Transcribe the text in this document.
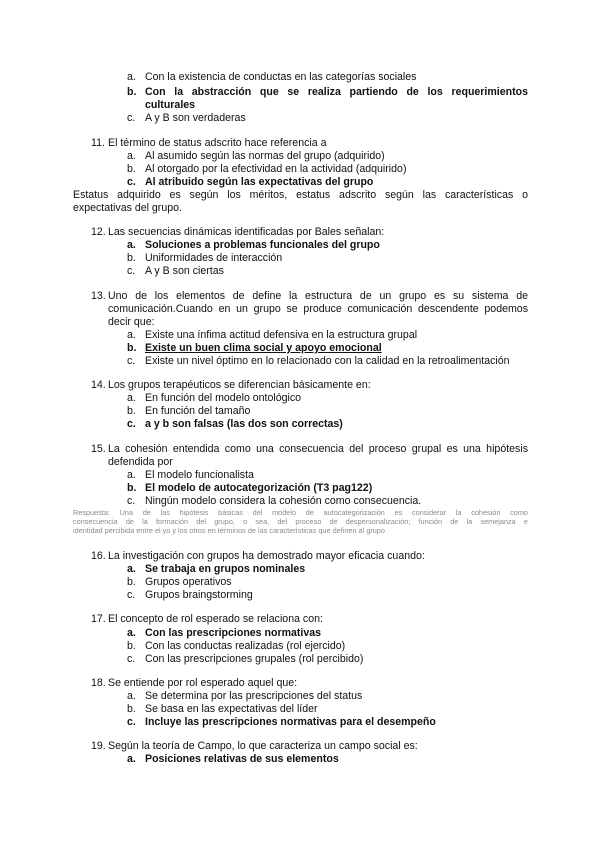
a. Con la existencia de conductas en las categorías sociales
b. Con la abstracción que se realiza partiendo de los requerimientos
culturales
c. A y B son verdaderas
11. El término de status adscrito hace referencia a
a. Al asumido según las normas del grupo (adquirido)
b. Al otorgado por la efectividad en la actividad (adquirido)
c. Al atribuido según las expectativas del grupo
Estatus adquirido es según los méritos, estatus adscrito según las características o
expectativas del grupo.
12. Las secuencias dinámicas identificadas por Bales señalan:
a. Soluciones a problemas funcionales del grupo
b. Uniformidades de interacción
c. A y B son ciertas
13. Uno de los elementos de define la estructura de un grupo es su sistema de
comunicación.Cuando en un grupo se produce comunicación descendente podemos
decir que:
a. Existe una ínfima actitud defensiva en la estructura grupal
b. Existe un buen clima social y apoyo emocional
c. Existe un nivel óptimo en lo relacionado con la calidad en la retroalimentación
14. Los grupos terapéuticos se diferencian básicamente en:
a. En función del modelo ontológico
b. En función del tamaño
c. a y b son falsas (las dos son correctas)
15. La cohesión entendida como una consecuencia del proceso grupal es una hipótesis
defendida por
a. El modelo funcionalista
b. El modelo de autocategorización (T3 pag122)
c. Ningún modelo considera la cohesión como consecuencia.
Respuesta: Una de las hipótesis básicas del modelo de autocategorización es considerar la cohesión como
consecuencia de la formación del grupo, o sea, del proceso de despersonalización; función de la semejanza e
identidad percibida entre el yo y los otros en términos de las características que definen al grupo
16. La investigación con grupos ha demostrado mayor eficacia cuando:
a. Se trabaja en grupos nominales
b. Grupos operativos
c. Grupos braingstorming
17. El concepto de rol esperado se relaciona con:
a. Con las prescripciones normativas
b. Con las conductas realizadas (rol ejercido)
c. Con las prescripciones grupales (rol percibido)
18. Se entiende por rol esperado aquel que:
a. Se determina por las prescripciones del status
b. Se basa en las expectativas del líder
c. Incluye las prescripciones normativas para el desempeño
19. Según la teoría de Campo, lo que caracteriza un campo social es:
a. Posiciones relativas de sus elementos
